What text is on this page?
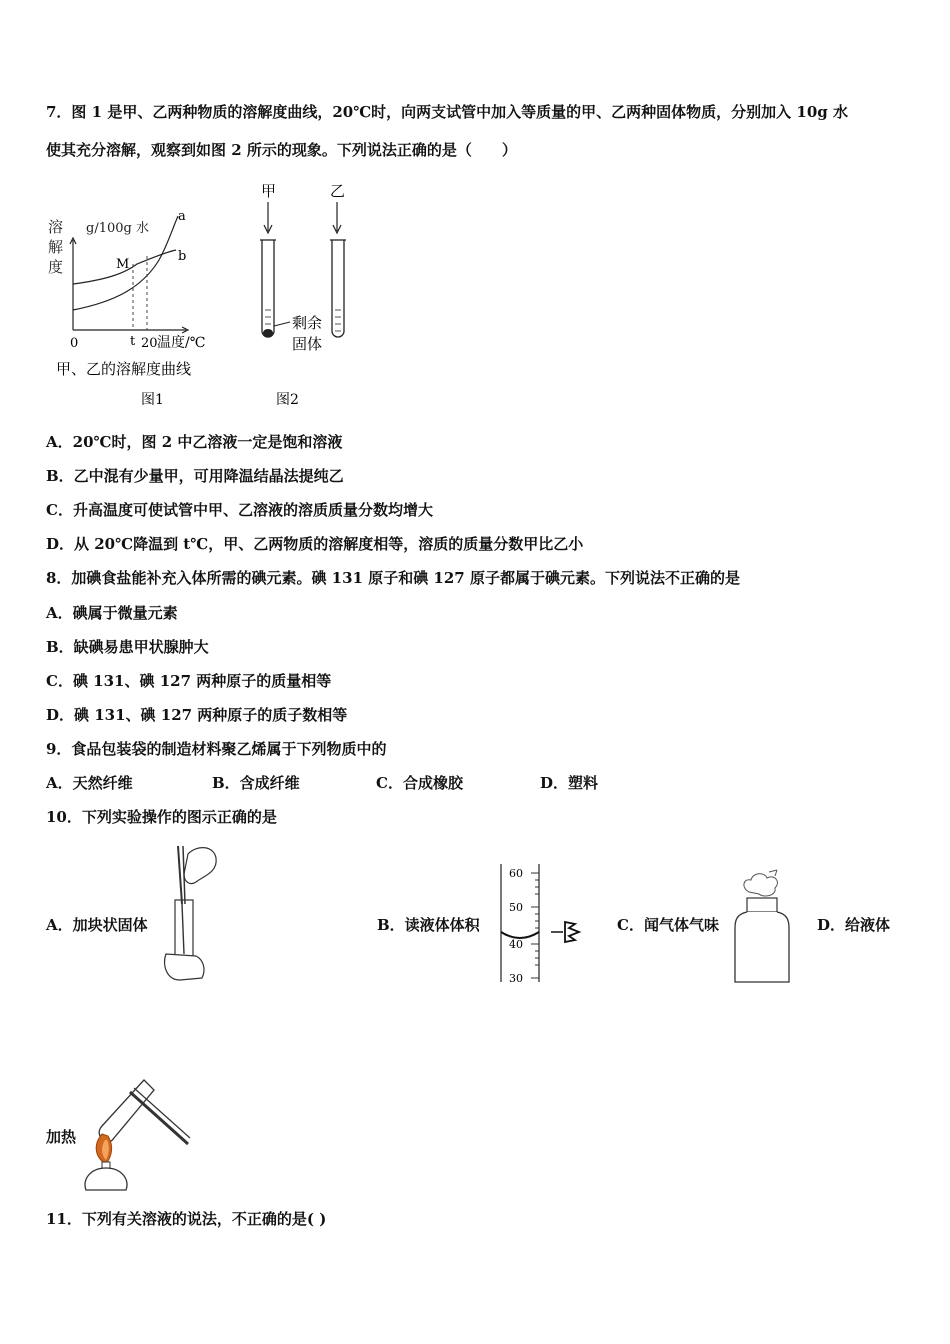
7．图 1 是甲、乙两种物质的溶解度曲线，20℃时，向两支试管中加入等质量的甲、乙两种固体物质，分别加入 10g 水
使其充分溶解，观察到如图 2 所示的现象。下列说法正确的是（　　）
溶
解
度
g/100g 水
a
b
M
0	t 20 温度/℃
甲、乙的溶解度曲线
图1
甲	乙
剩余
固体
图2
A．20℃时，图 2 中乙溶液一定是饱和溶液
B．乙中混有少量甲，可用降温结晶法提纯乙
C．升高温度可使试管中甲、乙溶液的溶质质量分数均增大
D．从 20℃降温到 t℃，甲、乙两物质的溶解度相等，溶质的质量分数甲比乙小
8．加碘食盐能补充入体所需的碘元素。碘 131 原子和碘 127 原子都属于碘元素。下列说法不正确的是
A．碘属于微量元素
B．缺碘易患甲状腺肿大
C．碘 131、碘 127 两种原子的质量相等
D．碘 131、碘 127 两种原子的质子数相等
9．食品包装袋的制造材料聚乙烯属于下列物质中的
A．天然纤维	B．含成纤维	C．合成橡胶	D．塑料
10．下列实验操作的图示正确的是
A．加块状固体	B．读液体体积
60
50
40
30
C．闻气体气味	D．给液体
加热
11．下列有关溶液的说法，不正确的是( )
